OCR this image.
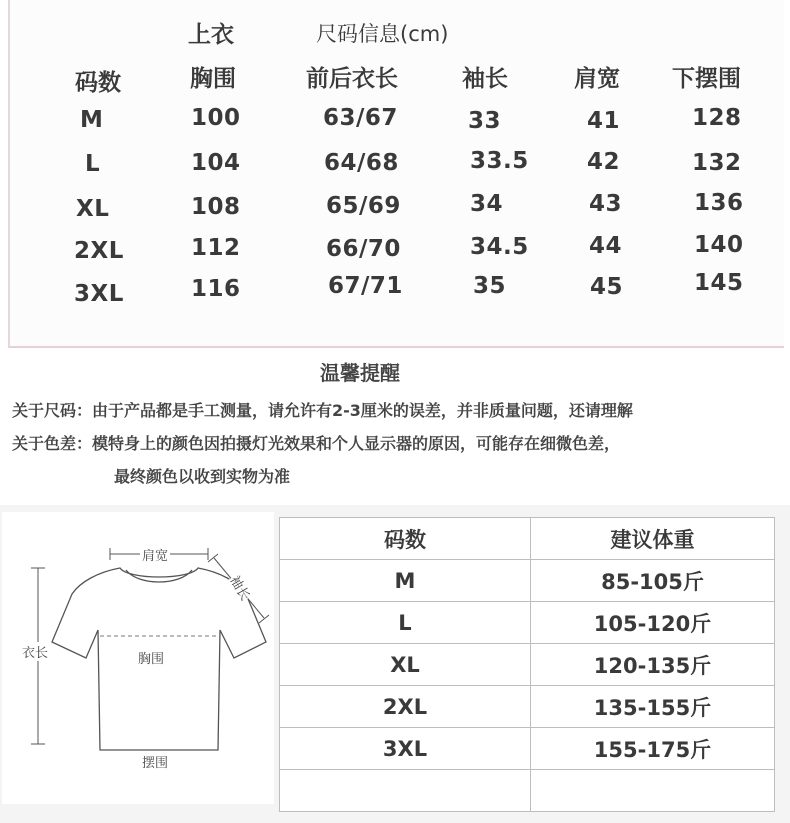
上衣	尺码信息(cm)
码数	胸围	前后衣长	袖长	肩宽 下摆围
M	100	63/67	33	41	128
L	104	64/68	33.5	42	132
XL	108	65/69	34	43	136
2XL	112	66/70	34.5	44	140
3XL	116	67/71	35	45	145
温馨提醒
关于尺码：由于产品都是手工测量，请允许有2-3厘米的误差，并非质量问题，还请理解
关于色差：模特身上的颜色因拍摄灯光效果和个人显示器的原因，可能存在细微色差，
最终颜色以收到实物为准
肩宽
袖长
衣长	胸围
摆围
码数	建议体重
M	85-105斤
L	105-120斤
XL	120-135斤
2XL	135-155斤
3XL	155-175斤
